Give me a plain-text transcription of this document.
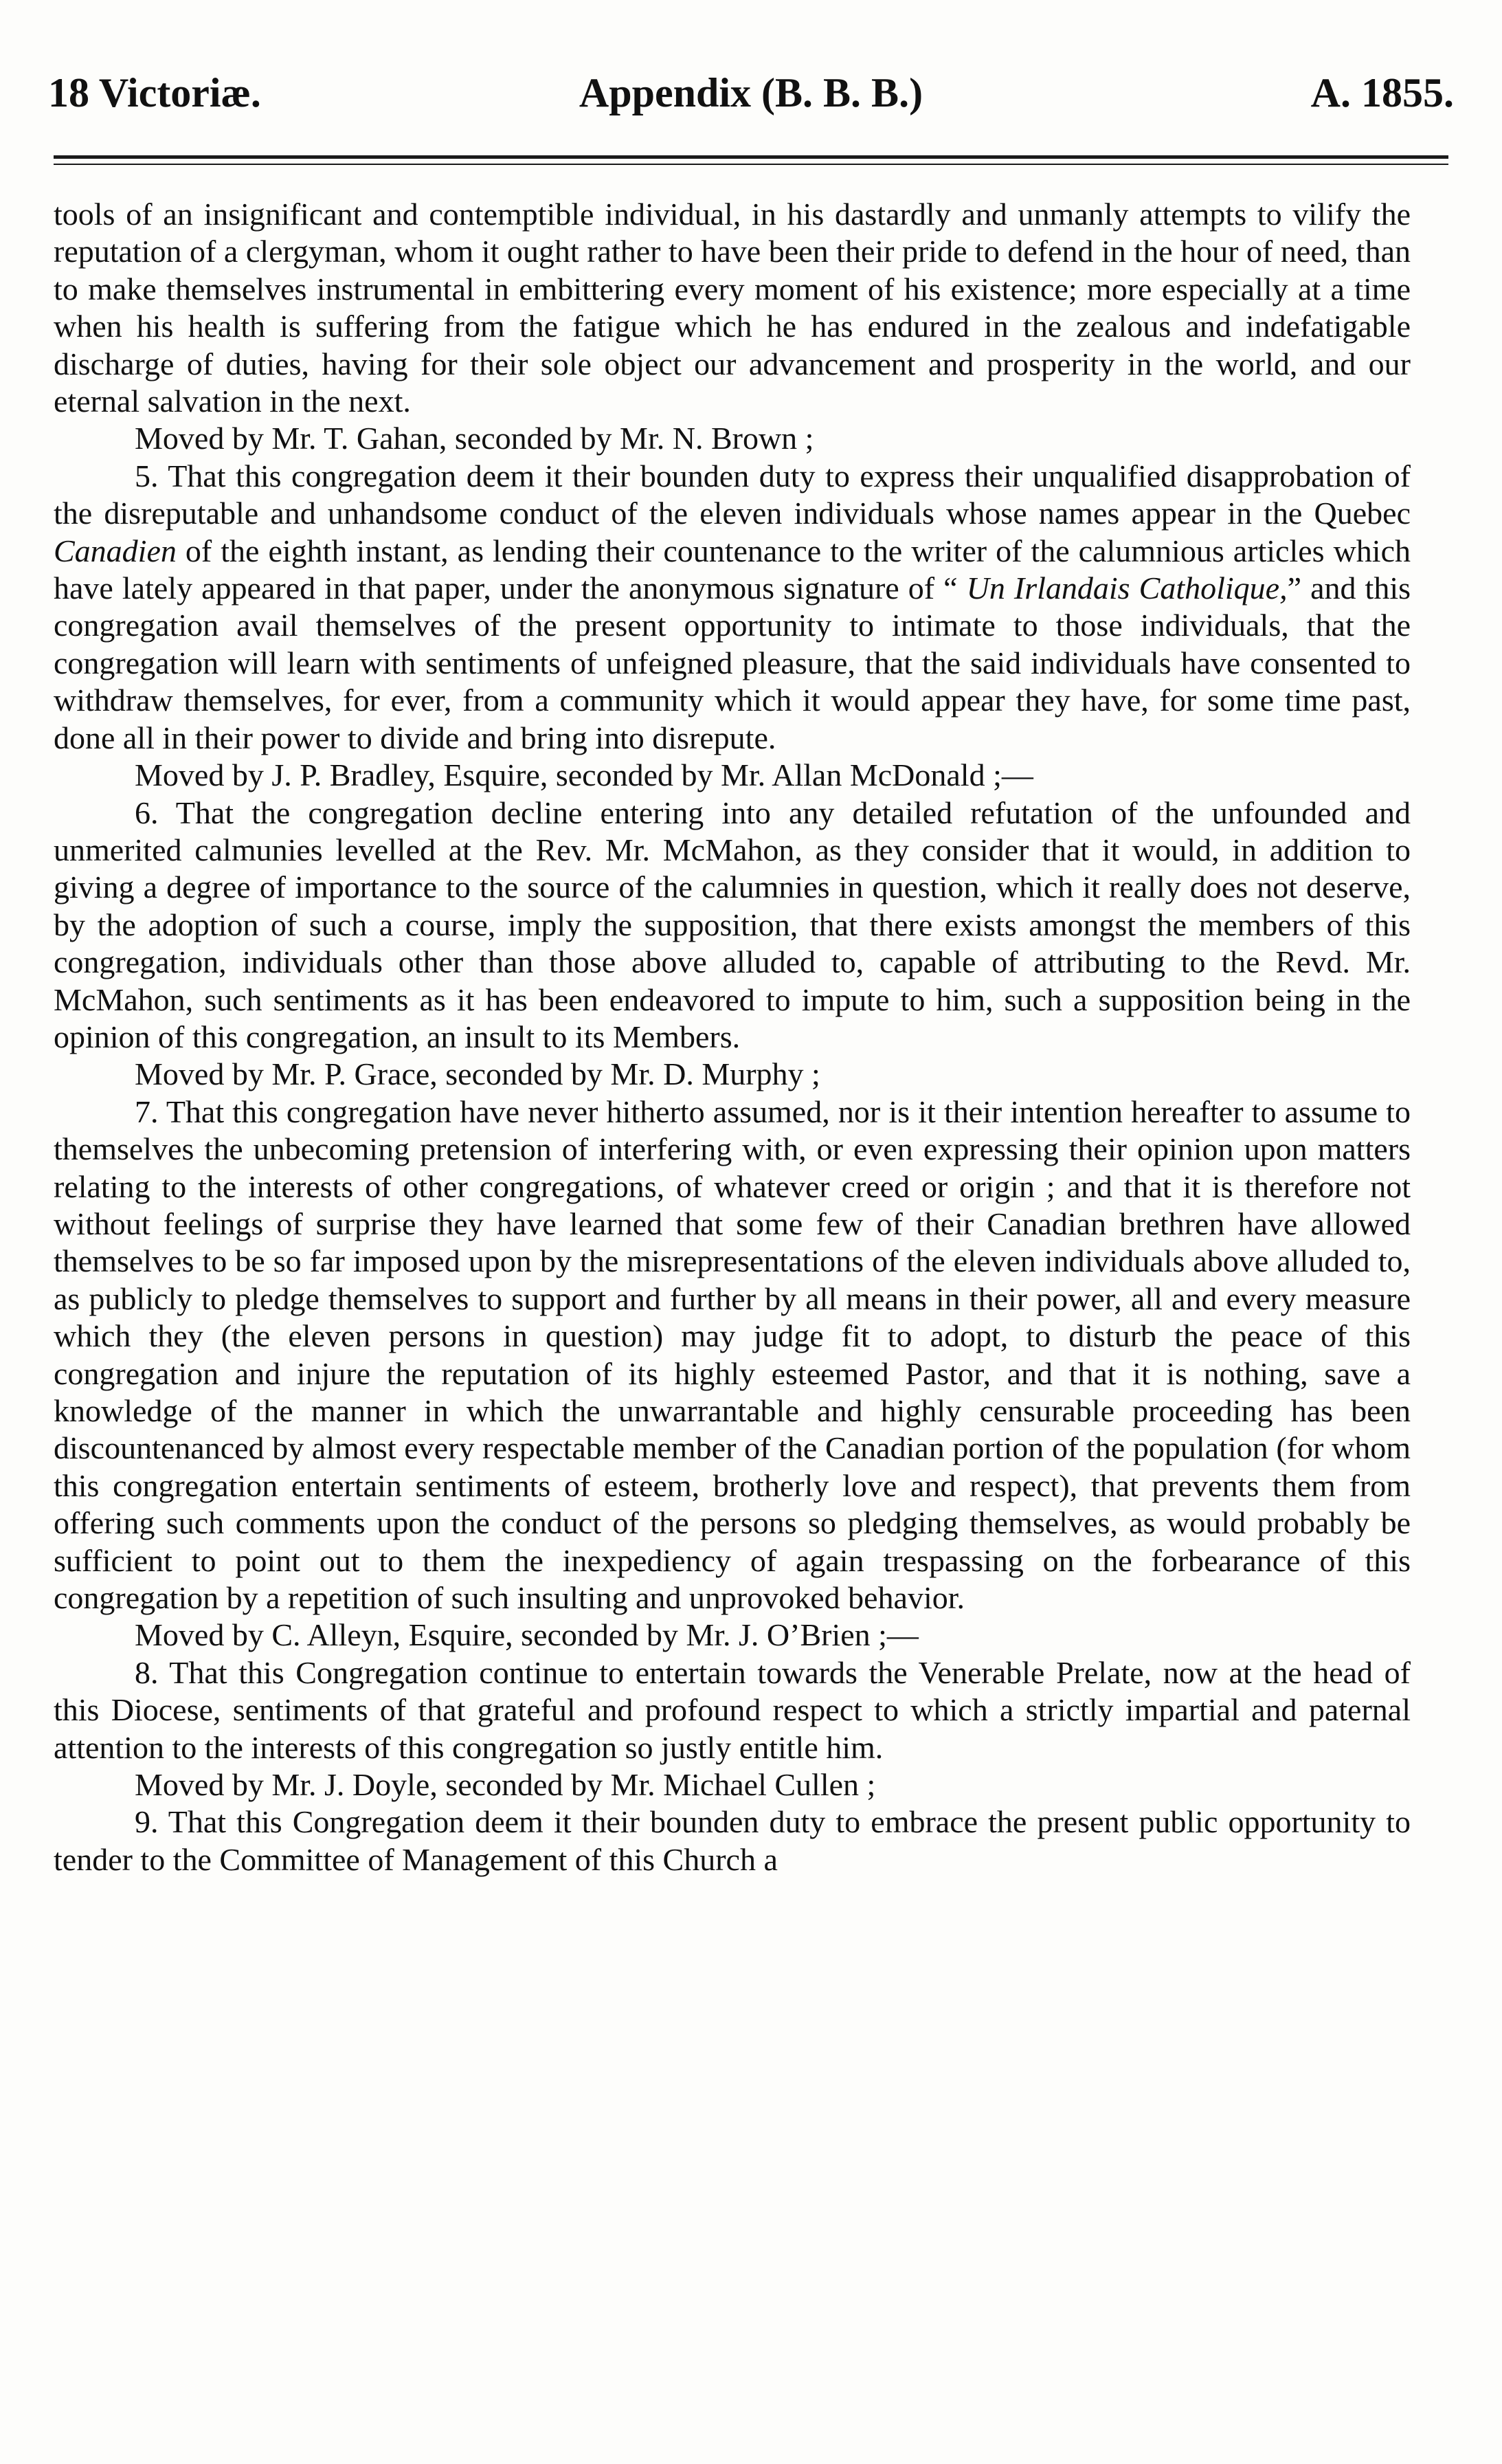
18 Victoriæ.	Appendix (B. B. B.)	A. 1855.

tools of an insignificant and contemptible individual, in his dastardly and unmanly attempts to vilify the reputation of a clergyman, whom it ought rather to have been their pride to defend in the hour of need, than to make themselves instrumental in embittering every moment of his existence; more especially at a time when his health is suffering from the fatigue which he has endured in the zealous and indefatigable discharge of duties, having for their sole object our advancement and prosperity in the world, and our eternal salvation in the next.

Moved by Mr. T. Gahan, seconded by Mr. N. Brown ;

5. That this congregation deem it their bounden duty to express their unqualified disapprobation of the disreputable and unhandsome conduct of the eleven individuals whose names appear in the Quebec Canadien of the eighth instant, as lending their countenance to the writer of the calumnious articles which have lately appeared in that paper, under the anonymous signature of “ Un Irlandais Catholique,” and this congregation avail themselves of the present opportunity to intimate to those individuals, that the congregation will learn with sentiments of unfeigned pleasure, that the said individuals have consented to withdraw themselves, for ever, from a community which it would appear they have, for some time past, done all in their power to divide and bring into disrepute.

Moved by J. P. Bradley, Esquire, seconded by Mr. Allan McDonald ;—

6. That the congregation decline entering into any detailed refutation of the unfounded and unmerited calmunies levelled at the Rev. Mr. McMahon, as they consider that it would, in addition to giving a degree of importance to the source of the calumnies in question, which it really does not deserve, by the adoption of such a course, imply the supposition, that there exists amongst the members of this congregation, individuals other than those above alluded to, capable of attributing to the Revd. Mr. McMahon, such sentiments as it has been endeavored to impute to him, such a supposition being in the opinion of this congregation, an insult to its Members.

Moved by Mr. P. Grace, seconded by Mr. D. Murphy ;

7. That this congregation have never hitherto assumed, nor is it their intention hereafter to assume to themselves the unbecoming pretension of interfering with, or even expressing their opinion upon matters relating to the interests of other congregations, of whatever creed or origin ; and that it is therefore not without feelings of surprise they have learned that some few of their Canadian brethren have allowed themselves to be so far imposed upon by the misrepresentations of the eleven individuals above alluded to, as publicly to pledge themselves to support and further by all means in their power, all and every measure which they (the eleven persons in question) may judge fit to adopt, to disturb the peace of this congregation and injure the reputation of its highly esteemed Pastor, and that it is nothing, save a knowledge of the manner in which the unwarrantable and highly censurable proceeding has been discountenanced by almost every respectable member of the Canadian portion of the population (for whom this congregation entertain sentiments of esteem, brotherly love and respect), that prevents them from offering such comments upon the conduct of the persons so pledging themselves, as would probably be sufficient to point out to them the inexpediency of again trespassing on the forbearance of this congregation by a repetition of such insulting and unprovoked behavior.

Moved by C. Alleyn, Esquire, seconded by Mr. J. O’Brien ;—

8. That this Congregation continue to entertain towards the Venerable Prelate, now at the head of this Diocese, sentiments of that grateful and profound respect to which a strictly impartial and paternal attention to the interests of this congregation so justly entitle him.

Moved by Mr. J. Doyle, seconded by Mr. Michael Cullen ;

9. That this Congregation deem it their bounden duty to embrace the present public opportunity to tender to the Committee of Management of this Church a
